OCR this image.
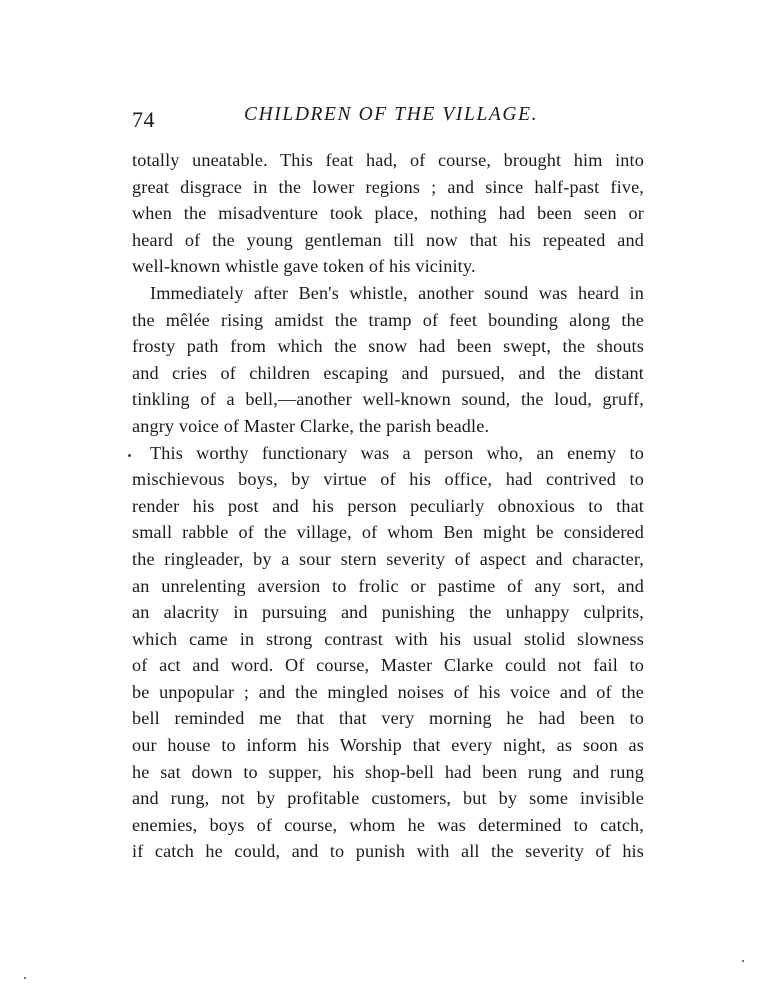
74	CHILDREN OF THE VILLAGE.

totally uneatable. This feat had, of course, brought him into
great disgrace in the lower regions ; and since half-past five,
when the misadventure took place, nothing had been seen or
heard of the young gentleman till now that his repeated and
well-known whistle gave token of his vicinity.

Immediately after Ben's whistle, another sound was heard in
the mêlée rising amidst the tramp of feet bounding along the
frosty path from which the snow had been swept, the shouts
and cries of children escaping and pursued, and the distant
tinkling of a bell,—another well-known sound, the loud, gruff,
angry voice of Master Clarke, the parish beadle.

This worthy functionary was a person who, an enemy to
mischievous boys, by virtue of his office, had contrived to
render his post and his person peculiarly obnoxious to that
small rabble of the village, of whom Ben might be considered
the ringleader, by a sour stern severity of aspect and character,
an unrelenting aversion to frolic or pastime of any sort, and
an alacrity in pursuing and punishing the unhappy culprits,
which came in strong contrast with his usual stolid slowness
of act and word. Of course, Master Clarke could not fail to
be unpopular ; and the mingled noises of his voice and of the
bell reminded me that that very morning he had been to
our house to inform his Worship that every night, as soon as
he sat down to supper, his shop-bell had been rung and rung
and rung, not by profitable customers, but by some invisible
enemies, boys of course, whom he was determined to catch,
if catch he could, and to punish with all the severity of his
